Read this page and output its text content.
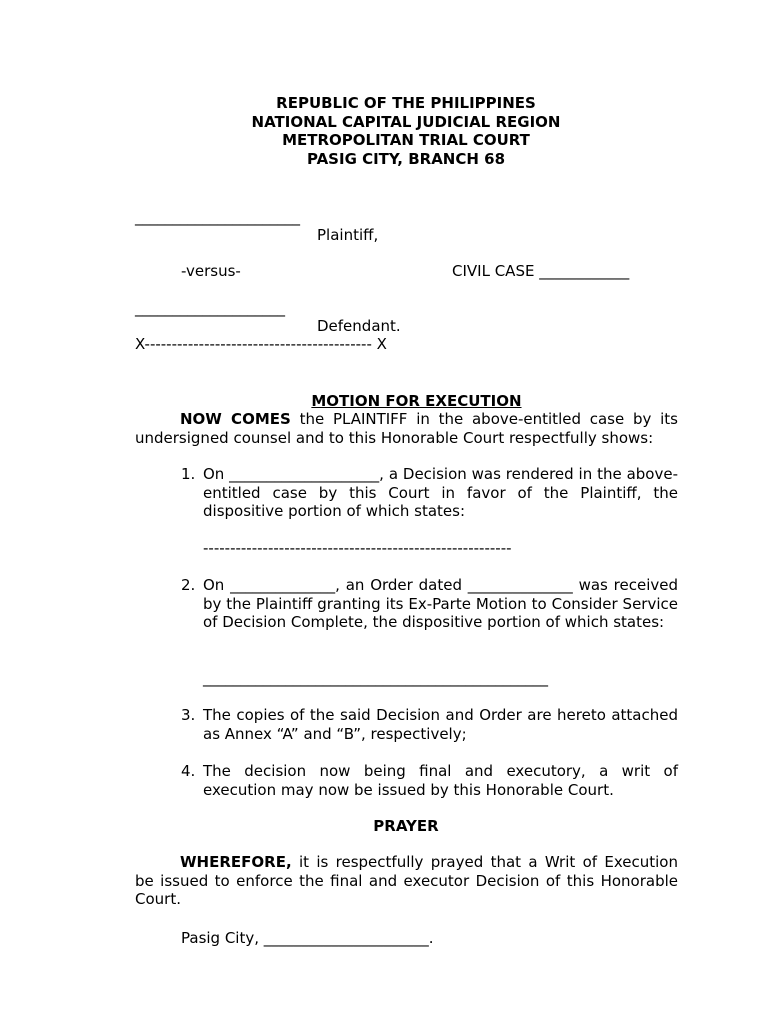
REPUBLIC OF THE PHILIPPINES
NATIONAL CAPITAL JUDICIAL REGION
METROPOLITAN TRIAL COURT
PASIG CITY, BRANCH 68
______________________
Plaintiff,
-versus-	CIVIL CASE ____________
____________________
Defendant.
X------------------------------------------ X

MOTION FOR EXECUTION

NOW COMES the PLAINTIFF in the above-entitled case by its undersigned counsel and to this Honorable Court respectfully shows:
1. On ____________________, a Decision was rendered in the above-entitled case by this Court in favor of the Plaintiff, the dispositive portion of which states:
---------------------------------------------------------
2. On ______________, an Order dated ______________ was received by the Plaintiff granting its Ex-Parte Motion to Consider Service of Decision Complete, the dispositive portion of which states:
______________________________________________
3. The copies of the said Decision and Order are hereto attached as Annex “A” and “B”, respectively;
4. The decision now being final and executory, a writ of execution may now be issued by this Honorable Court.
PRAYER
WHEREFORE, it is respectfully prayed that a Writ of Execution be issued to enforce the final and executor Decision of this Honorable Court.
Pasig City, ______________________.
